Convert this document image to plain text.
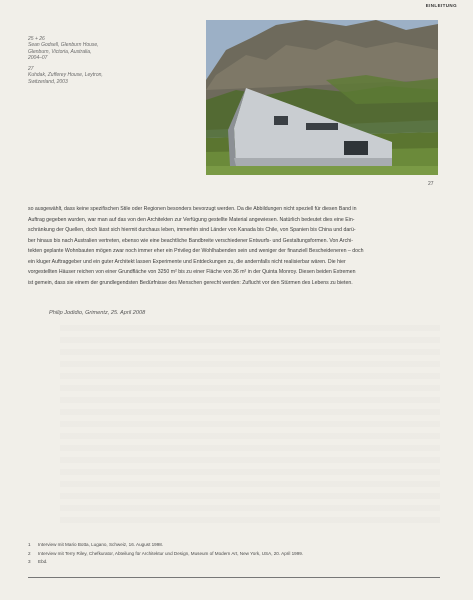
EINLEITUNG
25 + 26
Sean Godsell, Glenburn House,
Glenburn, Victoria, Australia,
2004–07
27
Kuhdak, Zufferey House, Leytron,
Switzerland, 2003
27

so ausgewählt, dass keine spezifischen Stile oder Regionen besonders bevorzugt werden. Da die Abbildungen nicht speziell für diesen Band in

Auftrag gegeben wurden, war man auf das von den Architekten zur Verfügung gestellte Material angewiesen. Natürlich bedeutet dies eine Ein-

schränkung der Quellen, doch lässt sich hiermit durchaus leben, immerhin sind Länder von Kanada bis Chile, von Spanien bis China und darü-

ber hinaus bis nach Australien vertreten, ebenso wie eine beachtliche Bandbreite verschiedener Entwurfs- und Gestaltungsformen. Von Archi-

tekten geplante Wohnbauten mögen zwar noch immer eher ein Privileg der Wohlhabenden sein und weniger der finanziell Bescheideneren – doch

ein kluger Auftraggeber und ein guter Architekt lassen Experimente und Entdeckungen zu, die andernfalls nicht realisierbar wären. Die hier

vorgestellten Häuser reichen von einer Grundfläche von 3250 m² bis zu einer Fläche von 36 m² in der Quinta Monroy. Diesen beiden Extremen

ist gemein, dass sie einem der grundlegendsten Bedürfnisse des Menschen gerecht werden: Zuflucht vor den Stürmen des Lebens zu bieten.

Philip Jodidio, Grimentz, 25. April 2008
1 Interview mit Mario Botta, Lugano, Schweiz, 16. August 1998.
2 Interview mit Terry Riley, Chefkurator, Abteilung für Architektur und Design, Museum of Modern Art, New York, USA, 20. April 1999.
3 Ebd.
